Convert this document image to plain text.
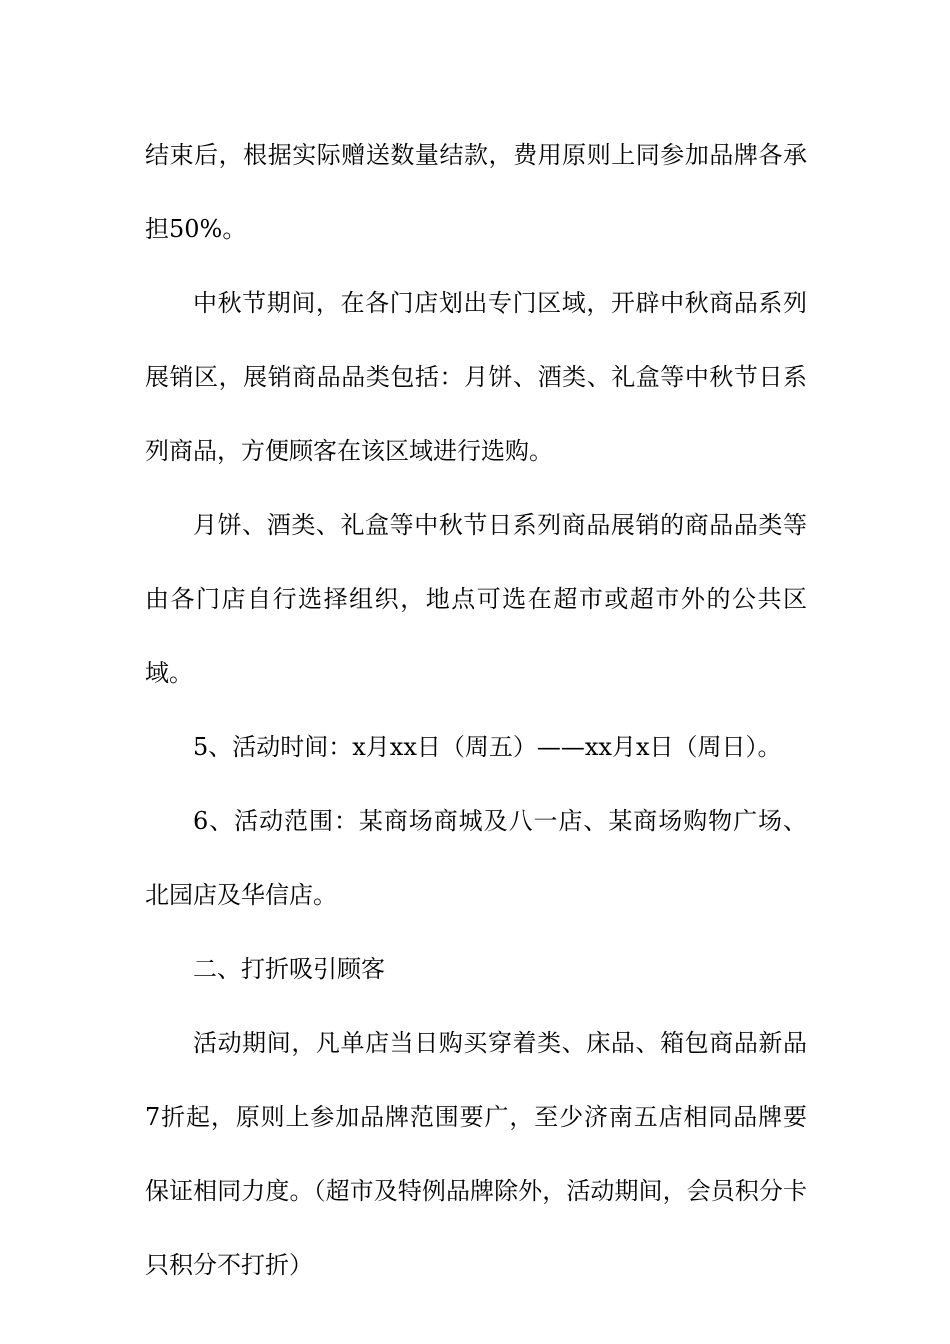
结束后，根据实际赠送数量结款，费用原则上同参加品牌各承担50%。

中秋节期间，在各门店划出专门区域，开辟中秋商品系列展销区，展销商品品类包括：月饼、酒类、礼盒等中秋节日系列商品，方便顾客在该区域进行选购。

月饼、酒类、礼盒等中秋节日系列商品展销的商品品类等由各门店自行选择组织，地点可选在超市或超市外的公共区域。

5、活动时间：x月xx日（周五）——xx月x日（周日）。

6、活动范围：某商场商城及八一店、某商场购物广场、北园店及华信店。

二、打折吸引顾客

活动期间，凡单店当日购买穿着类、床品、箱包商品新品7折起，原则上参加品牌范围要广，至少济南五店相同品牌要保证相同力度。（超市及特例品牌除外，活动期间，会员积分卡只积分不打折）
